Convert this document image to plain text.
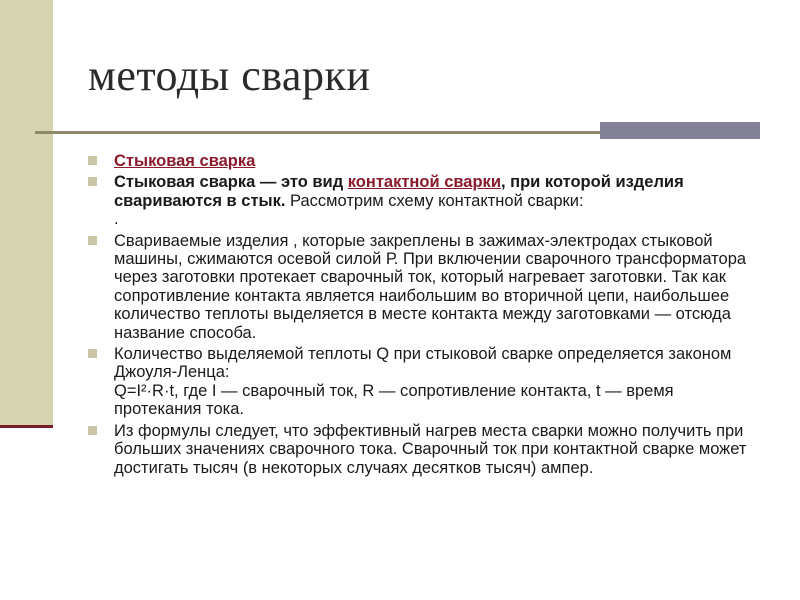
методы сварки
Стыковая сварка
Стыковая сварка — это вид контактной сварки, при которой изделия свариваются в стык. Рассмотрим схему контактной сварки:
.
Свариваемые изделия , которые закреплены в зажимах-электродах стыковой машины, сжимаются осевой силой Р. При включении сварочного трансформатора через заготовки протекает сварочный ток, который нагревает заготовки. Так как сопротивление контакта является наибольшим во вторичной цепи, наибольшее количество теплоты выделяется в месте контакта между заготовками — отсюда название способа.
Количество выделяемой теплоты Q при стыковой сварке определяется законом Джоуля-Ленца:
Q=I²·R·t, где I — сварочный ток, R — сопротивление контакта, t — время протекания тока.
Из формулы следует, что эффективный нагрев места сварки можно получить при больших значениях сварочного тока. Сварочный ток при контактной сварке может достигать тысяч (в некоторых случаях десятков тысяч) ампер.
